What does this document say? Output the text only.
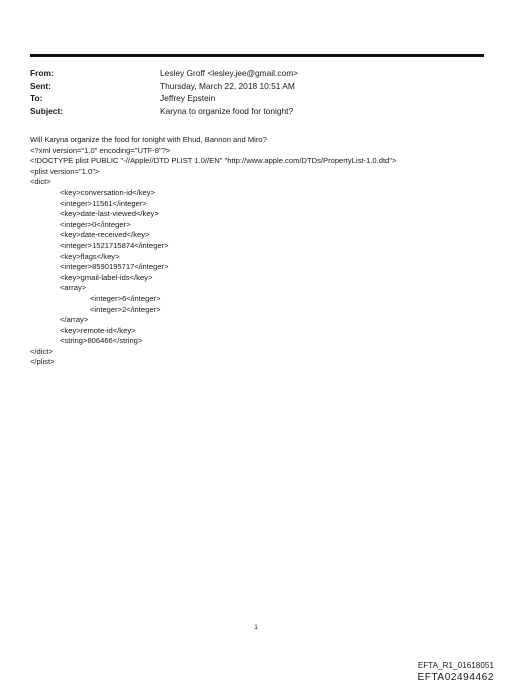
From:	Lesley Groff <lesley.jee@gmail.com>
Sent:	Thursday, March 22, 2018 10:51 AM
To:	Jeffrey Epstein
Subject:	Karyna to organize food for tonight?
Will Karyna organize the food for tonight with Ehud, Bannon and Miro?
<?xml version="1.0" encoding="UTF-8"?>
<!DOCTYPE plist PUBLIC "-//Apple//DTD PLIST 1.0//EN" "http://www.apple.com/DTDs/PropertyList-1.0.dtd">
<plist version="1.0">
<dict>
<key>conversation-id</key>
<integer>11561</integer>
<key>date-last-viewed</key>
<integer>0</integer>
<key>date-received</key>
<integer>1521715874</integer>
<key>flags</key>
<integer>8590195717</integer>
<key>gmail-label-ids</key>
<array>
<integer>6</integer>
<integer>2</integer>
</array>
<key>remote-id</key>
<string>806466</string>
</dict>
</plist>
1
EFTA_R1_01618051
EFTA02494462
